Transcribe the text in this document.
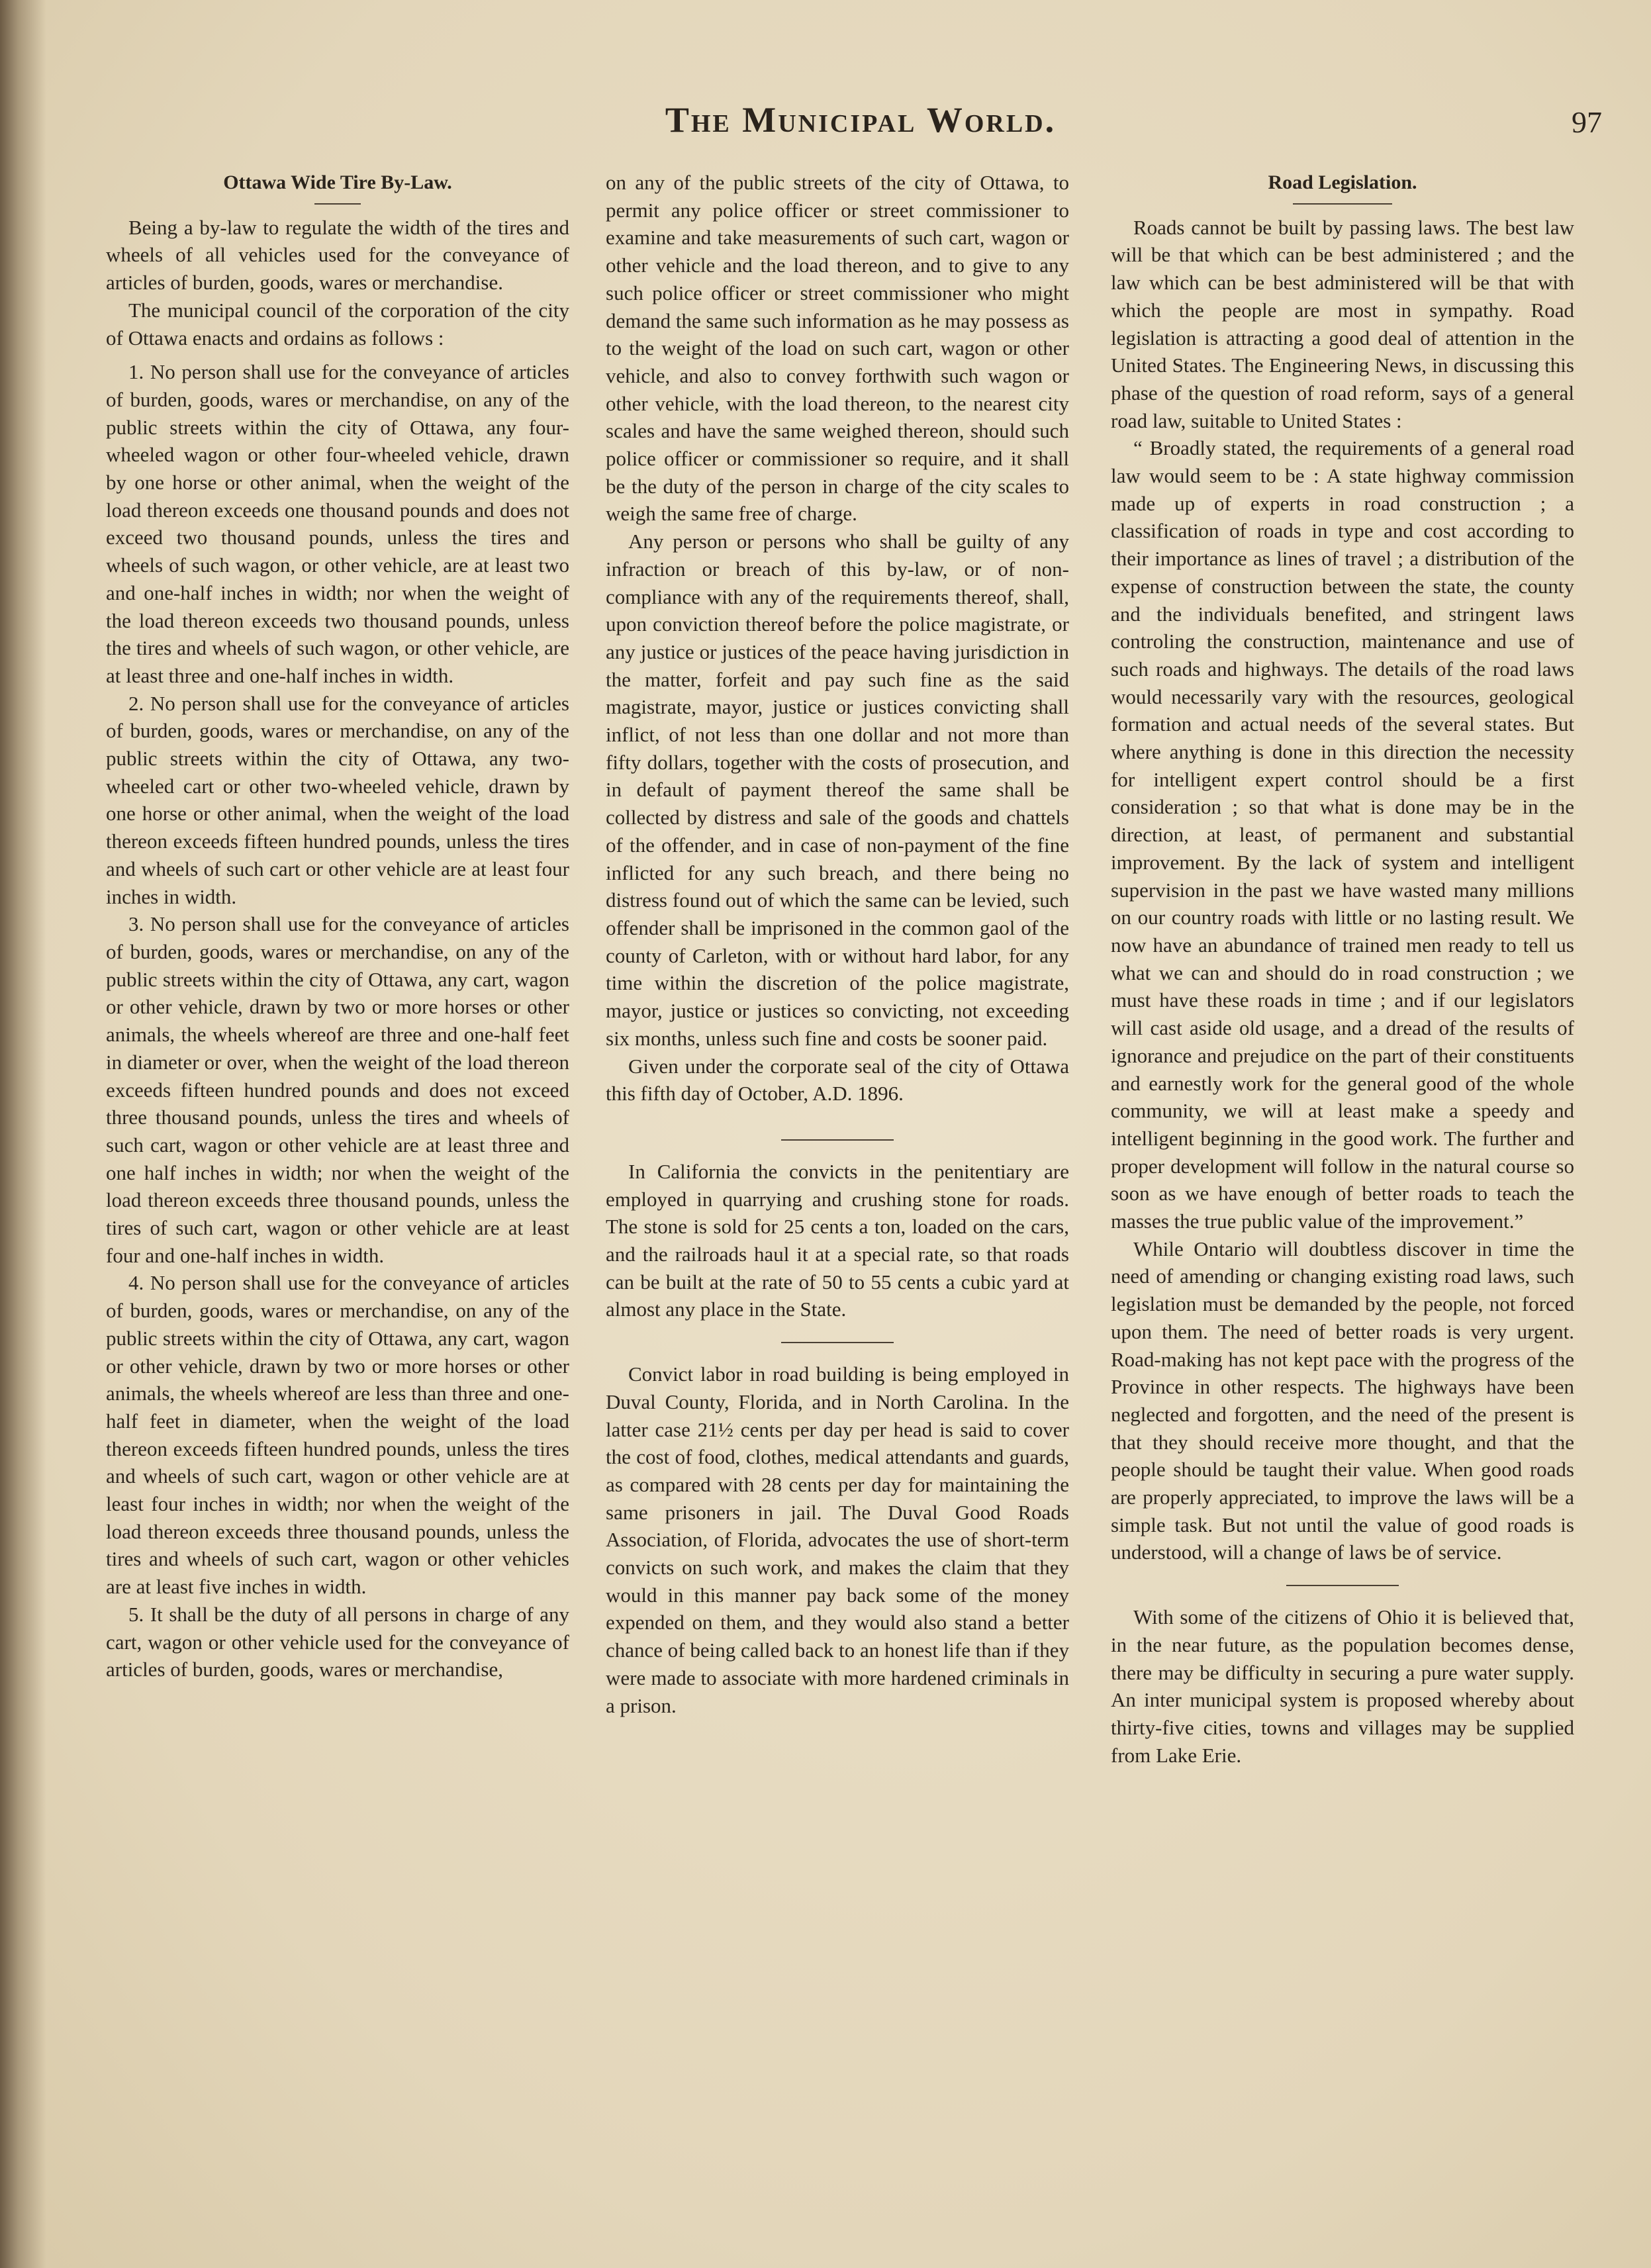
The Municipal World.	97
Ottawa Wide Tire By-Law.

Being a by-law to regulate the width of the tires and wheels of all vehicles used for the conveyance of articles of burden, goods, wares or merchandise.

The municipal council of the corporation of the city of Ottawa enacts and ordains as follows :

1. No person shall use for the conveyance of articles of burden, goods, wares or merchandise, on any of the public streets within the city of Ottawa, any four-wheeled wagon or other four-wheeled vehicle, drawn by one horse or other animal, when the weight of the load thereon exceeds one thousand pounds and does not exceed two thousand pounds, unless the tires and wheels of such wagon, or other vehicle, are at least two and one-half inches in width; nor when the weight of the load thereon exceeds two thousand pounds, unless the tires and wheels of such wagon, or other vehicle, are at least three and one-half inches in width.

2. No person shall use for the conveyance of articles of burden, goods, wares or merchandise, on any of the public streets within the city of Ottawa, any two-wheeled cart or other two-wheeled vehicle, drawn by one horse or other animal, when the weight of the load thereon exceeds fifteen hundred pounds, unless the tires and wheels of such cart or other vehicle are at least four inches in width.

3. No person shall use for the conveyance of articles of burden, goods, wares or merchandise, on any of the public streets within the city of Ottawa, any cart, wagon or other vehicle, drawn by two or more horses or other animals, the wheels whereof are three and one-half feet in diameter or over, when the weight of the load thereon exceeds fifteen hundred pounds and does not exceed three thousand pounds, unless the tires and wheels of such cart, wagon or other vehicle are at least three and one half inches in width; nor when the weight of the load thereon exceeds three thousand pounds, unless the tires of such cart, wagon or other vehicle are at least four and one-half inches in width.

4. No person shall use for the conveyance of articles of burden, goods, wares or merchandise, on any of the public streets within the city of Ottawa, any cart, wagon or other vehicle, drawn by two or more horses or other animals, the wheels whereof are less than three and one-half feet in diameter, when the weight of the load thereon exceeds fifteen hundred pounds, unless the tires and wheels of such cart, wagon or other vehicle are at least four inches in width; nor when the weight of the load thereon exceeds three thousand pounds, unless the tires and wheels of such cart, wagon or other vehicles are at least five inches in width.

5. It shall be the duty of all persons in charge of any cart, wagon or other vehicle used for the conveyance of articles of burden, goods, wares or merchandise,

on any of the public streets of the city of Ottawa, to permit any police officer or street commissioner to examine and take measurements of such cart, wagon or other vehicle and the load thereon, and to give to any such police officer or street commissioner who might demand the same such information as he may possess as to the weight of the load on such cart, wagon or other vehicle, and also to convey forthwith such wagon or other vehicle, with the load thereon, to the nearest city scales and have the same weighed thereon, should such police officer or commissioner so require, and it shall be the duty of the person in charge of the city scales to weigh the same free of charge.

Any person or persons who shall be guilty of any infraction or breach of this by-law, or of non-compliance with any of the requirements thereof, shall, upon conviction thereof before the police magistrate, or any justice or justices of the peace having jurisdiction in the matter, forfeit and pay such fine as the said magistrate, mayor, justice or justices convicting shall inflict, of not less than one dollar and not more than fifty dollars, together with the costs of prosecution, and in default of payment thereof the same shall be collected by distress and sale of the goods and chattels of the offender, and in case of non-payment of the fine inflicted for any such breach, and there being no distress found out of which the same can be levied, such offender shall be imprisoned in the common gaol of the county of Carleton, with or without hard labor, for any time within the discretion of the police magistrate, mayor, justice or justices so convicting, not exceeding six months, unless such fine and costs be sooner paid.

Given under the corporate seal of the city of Ottawa this fifth day of October, A.D. 1896.

In California the convicts in the penitentiary are employed in quarrying and crushing stone for roads. The stone is sold for 25 cents a ton, loaded on the cars, and the railroads haul it at a special rate, so that roads can be built at the rate of 50 to 55 cents a cubic yard at almost any place in the State.

Convict labor in road building is being employed in Duval County, Florida, and in North Carolina. In the latter case 21½ cents per day per head is said to cover the cost of food, clothes, medical attendants and guards, as compared with 28 cents per day for maintaining the same prisoners in jail. The Duval Good Roads Association, of Florida, advocates the use of short-term convicts on such work, and makes the claim that they would in this manner pay back some of the money expended on them, and they would also stand a better chance of being called back to an honest life than if they were made to associate with more hardened criminals in a prison.

Road Legislation.

Roads cannot be built by passing laws. The best law will be that which can be best administered ; and the law which can be best administered will be that with which the people are most in sympathy. Road legislation is attracting a good deal of attention in the United States. The Engineering News, in discussing this phase of the question of road reform, says of a general road law, suitable to United States :

“ Broadly stated, the requirements of a general road law would seem to be : A state highway commission made up of experts in road construction ; a classification of roads in type and cost according to their importance as lines of travel ; a distribution of the expense of construction between the state, the county and the individuals benefited, and stringent laws controling the construction, maintenance and use of such roads and highways. The details of the road laws would necessarily vary with the resources, geological formation and actual needs of the several states. But where anything is done in this direction the necessity for intelligent expert control should be a first consideration ; so that what is done may be in the direction, at least, of permanent and substantial improvement. By the lack of system and intelligent supervision in the past we have wasted many millions on our country roads with little or no lasting result. We now have an abundance of trained men ready to tell us what we can and should do in road construction ; we must have these roads in time ; and if our legislators will cast aside old usage, and a dread of the results of ignorance and prejudice on the part of their constituents and earnestly work for the general good of the whole community, we will at least make a speedy and intelligent beginning in the good work. The further and proper development will follow in the natural course so soon as we have enough of better roads to teach the masses the true public value of the improvement.”

While Ontario will doubtless discover in time the need of amending or changing existing road laws, such legislation must be demanded by the people, not forced upon them. The need of better roads is very urgent. Road-making has not kept pace with the progress of the Province in other respects. The highways have been neglected and forgotten, and the need of the present is that they should receive more thought, and that the people should be taught their value. When good roads are properly appreciated, to improve the laws will be a simple task. But not until the value of good roads is understood, will a change of laws be of service.

With some of the citizens of Ohio it is believed that, in the near future, as the population becomes dense, there may be difficulty in securing a pure water supply. An inter municipal system is proposed whereby about thirty-five cities, towns and villages may be supplied from Lake Erie.
